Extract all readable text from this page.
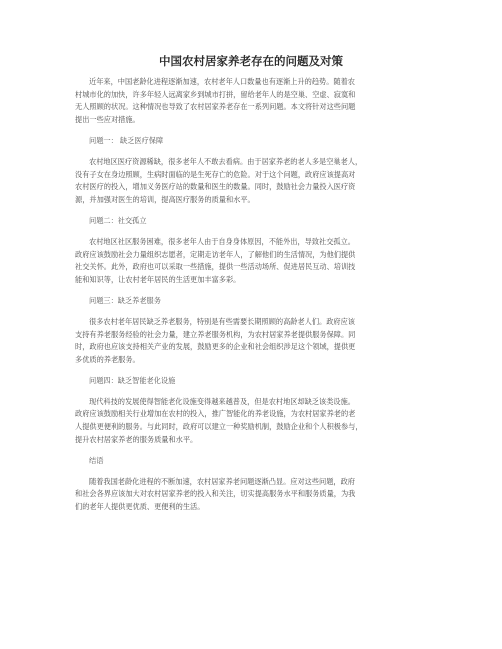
中国农村居家养老存在的问题及对策

近年来，中国老龄化进程逐渐加速，农村老年人口数量也有逐渐上升的趋势。随着农
村城市化的加快，许多年轻人远离家乡到城市打拼，留给老年人的是空巢、空虚、寂寞和
无人照顾的状况。这种情况也导致了农村居家养老存在一系列问题。本文将针对这些问题
提出一些应对措施。

问题一： 缺乏医疗保障

农村地区医疗资源稀缺，很多老年人不敢去看病。由于居家养老的老人多是空巢老人，
没有子女在身边照顾，生病时面临的是生死存亡的危险。对于这个问题，政府应该提高对
农村医疗的投入，增加义务医疗站的数量和医生的数量。同时，鼓励社会力量投入医疗资
源，并加强对医生的培训，提高医疗服务的质量和水平。

问题二：社交孤立

农村地区社区服务困难，很多老年人由于自身身体原因，不能外出，导致社交孤立。
政府应该鼓励社会力量组织志愿者，定期走访老年人，了解他们的生活情况，为他们提供
社交关怀。此外，政府也可以采取一些措施，提供一些活动场所、促进居民互动、培训技
能和知识等，让农村老年居民的生活更加丰富多彩。

问题三：缺乏养老服务

很多农村老年居民缺乏养老服务，特别是有些需要长期照顾的高龄老人们。政府应该
支持有养老服务经验的社会力量，建立养老服务机构，为农村居家养老提供服务保障。同
时，政府也应该支持相关产业的发展，鼓励更多的企业和社会组织涉足这个领域，提供更
多优质的养老服务。

问题四：缺乏智能老化设施

现代科技的发展使得智能老化设施变得越来越普及，但是农村地区却缺乏该类设施。
政府应该鼓励相关行业增加在农村的投入，推广智能化的养老设施，为农村居家养老的老
人提供更便利的服务。与此同时，政府可以建立一种奖励机制，鼓励企业和个人积极参与，
提升农村居家养老的服务质量和水平。

结语

随着我国老龄化进程的不断加速，农村居家养老问题逐渐凸显。应对这些问题，政府
和社会各界应该加大对农村居家养老的投入和关注，切实提高服务水平和服务质量，为我
们的老年人提供更优质、更便利的生活。
